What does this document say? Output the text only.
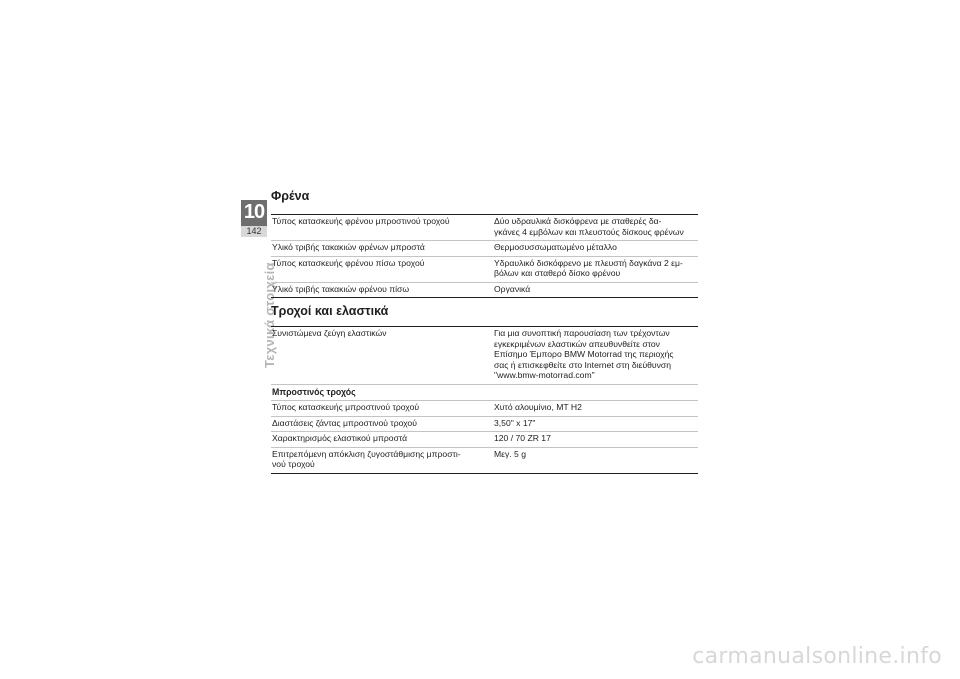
10
142
Τεχνικά στοιχεία
Φρένα
Τύπος κατασκευής φρένου μπροστινού τροχού	Δύο υδραυλικά δισκόφρενα με σταθερές δα-
γκάνες 4 εμβόλων και πλευστούς δίσκους φρένων
Υλικό τριβής τακακιών φρένων μπροστά	Θερμοσυσσωματωμένο μέταλλο
Τύπος κατασκευής φρένου πίσω τροχού	Υδραυλικό δισκόφρενο με πλευστή δαγκάνα 2 εμ-
βόλων και σταθερό δίσκο φρένου
Υλικό τριβής τακακιών φρένου πίσω	Οργανικά
Τροχοί και ελαστικά
Συνιστώμενα ζεύγη ελαστικών	Για μια συνοπτική παρουσίαση των τρέχοντων
εγκεκριμένων ελαστικών απευθυνθείτε στον
Επίσημο Έμπορο BMW Motorrad της περιοχής
σας ή επισκεφθείτε στο Internet στη διεύθυνση
"www.bmw-motorrad.com"
Μπροστινός τροχός	
Τύπος κατασκευής μπροστινού τροχού	Χυτό αλουμίνιο, MT H2
Διαστάσεις ζάντας μπροστινού τροχού	3,50" x 17"
Χαρακτηρισμός ελαστικού μπροστά	120 / 70 ZR 17
Επιτρεπόμενη απόκλιση ζυγοστάθμισης μπροστι-
νού τροχού	Μεγ. 5 g
carmanualsonline.info
